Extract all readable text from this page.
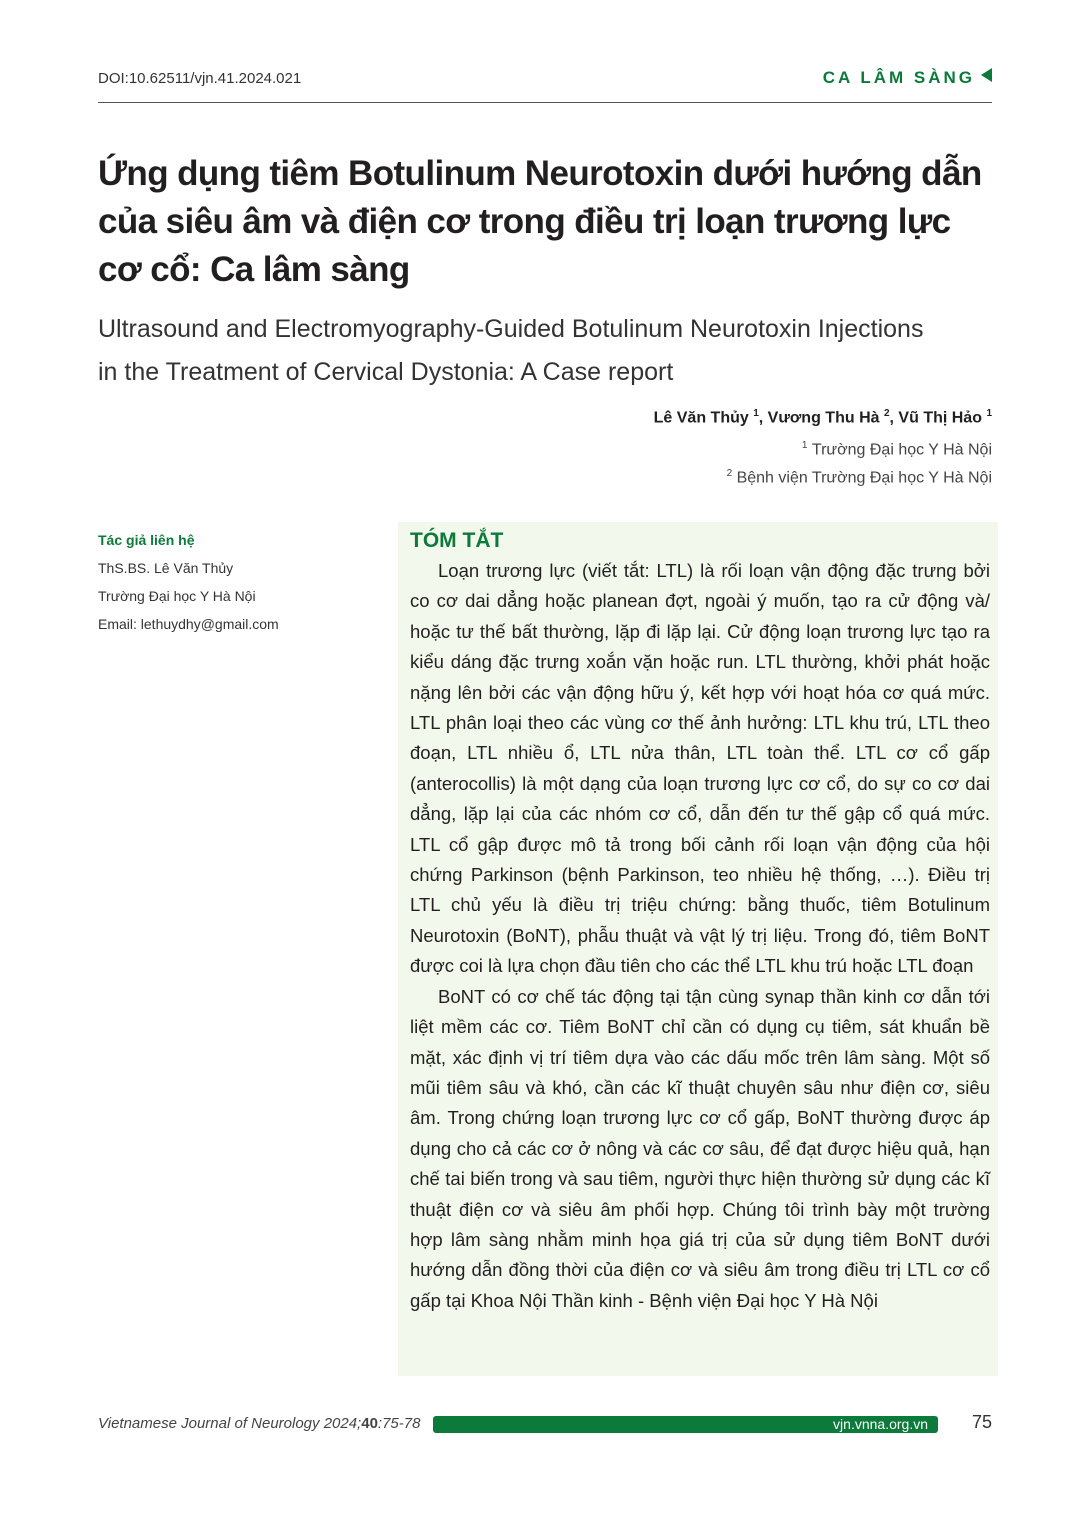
DOI:10.62511/vjn.41.2024.021	CA LÂM SÀNG
Ứng dụng tiêm Botulinum Neurotoxin dưới hướng dẫn của siêu âm và điện cơ trong điều trị loạn trương lực cơ cổ: Ca lâm sàng
Ultrasound and Electromyography-Guided Botulinum Neurotoxin Injections
in the Treatment of Cervical Dystonia: A Case report
Lê Văn Thủy $^1$, Vương Thu Hà $^2$, Vũ Thị Hảo $^1$
$^1$ Trường Đại học Y Hà Nội
$^2$ Bệnh viện Trường Đại học Y Hà Nội
Tác giả liên hệ
ThS.BS. Lê Văn Thủy
Trường Đại học Y Hà Nội
Email: lethuydhy@gmail.com
TÓM TẮT

Loạn trương lực (viết tắt: LTL) là rối loạn vận động đặc trưng bởi co cơ dai dẳng hoặc planean đợt, ngoài ý muốn, tạo ra cử động và/ hoặc tư thế bất thường, lặp đi lặp lại. Cử động loạn trương lực tạo ra kiểu dáng đặc trưng xoắn vặn hoặc run. LTL thường, khởi phát hoặc nặng lên bởi các vận động hữu ý, kết hợp với hoạt hóa cơ quá mức. LTL phân loại theo các vùng cơ thế ảnh hưởng: LTL khu trú, LTL theo đoạn, LTL nhiều ổ, LTL nửa thân, LTL toàn thể. LTL cơ cổ gấp (anterocollis) là một dạng của loạn trương lực cơ cổ, do sự co cơ dai dẳng, lặp lại của các nhóm cơ cổ, dẫn đến tư thế gập cổ quá mức. LTL cổ gập được mô tả trong bối cảnh rối loạn vận động của hội chứng Parkinson (bệnh Parkinson, teo nhiều hệ thống, …). Điều trị LTL chủ yếu là điều trị triệu chứng: bằng thuốc, tiêm Botulinum Neurotoxin (BoNT), phẫu thuật và vật lý trị liệu. Trong đó, tiêm BoNT được coi là lựa chọn đầu tiên cho các thể LTL khu trú hoặc LTL đoạn

BoNT có cơ chế tác động tại tận cùng synap thần kinh cơ dẫn tới liệt mềm các cơ. Tiêm BoNT chỉ cần có dụng cụ tiêm, sát khuẩn bề mặt, xác định vị trí tiêm dựa vào các dấu mốc trên lâm sàng. Một số mũi tiêm sâu và khó, cần các kĩ thuật chuyên sâu như điện cơ, siêu âm. Trong chứng loạn trương lực cơ cổ gấp, BoNT thường được áp dụng cho cả các cơ ở nông và các cơ sâu, để đạt được hiệu quả, hạn chế tai biến trong và sau tiêm, người thực hiện thường sử dụng các kĩ thuật điện cơ và siêu âm phối hợp. Chúng tôi trình bày một trường hợp lâm sàng nhằm minh họa giá trị của sử dụng tiêm BoNT dưới hướng dẫn đồng thời của điện cơ và siêu âm trong điều trị LTL cơ cổ gấp tại Khoa Nội Thần kinh - Bệnh viện Đại học Y Hà Nội

Vietnamese Journal of Neurology 2024;40:75-78	vjn.vnna.org.vn 75
